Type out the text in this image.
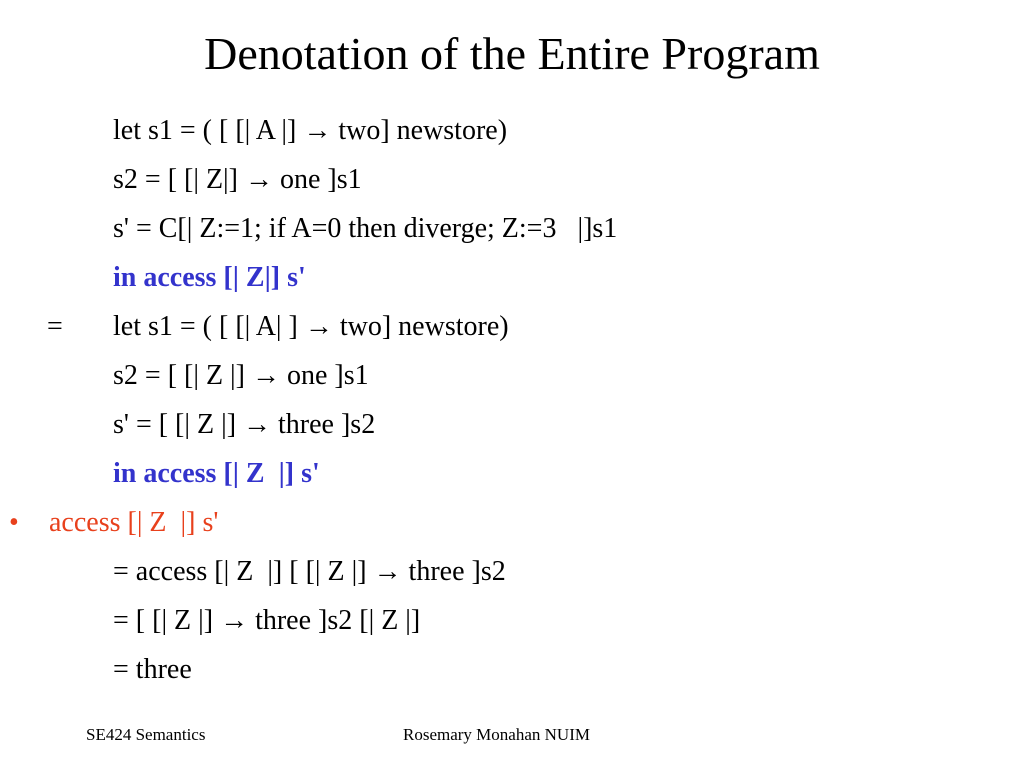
Denotation of the Entire Program
let s1 = ( [ [| A |] → two] newstore)
s2 = [ [| Z|] → one ]s1
s' = C[| Z:=1; if A=0 then diverge; Z:=3   |]s1
in access [| Z|] s'
= let s1 = ( [ [| A| ] → two] newstore)
s2 = [ [| Z |] → one ]s1
s' = [ [| Z |] → three ]s2
in access [| Z  |] s'
• access [| Z  |] s'
= access [| Z  |] [ [| Z |] → three ]s2
= [ [| Z |] → three ]s2 [| Z |]
= three
SE424 Semantics	Rosemary Monahan NUIM
